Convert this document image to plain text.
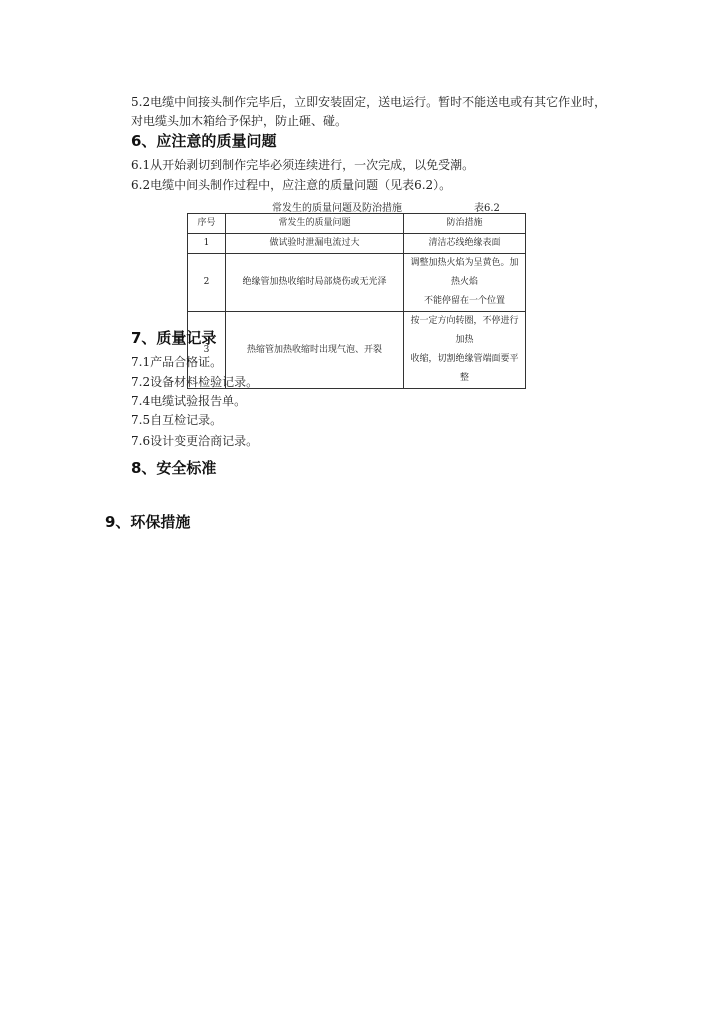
5.2电缆中间接头制作完毕后，立即安装固定，送电运行。暂时不能送电或有其它作业时，
对电缆头加木箱给予保护，防止砸、碰。
6、应注意的质量问题
6.1从开始剥切到制作完毕必须连续进行，一次完成，以免受潮。
6.2电缆中间头制作过程中，应注意的质量问题（见表6.2）。
常发生的质量问题及防治措施	表6.2
序号	常发生的质量问题	防治措施
1	做试验时泄漏电流过大	清洁芯线绝缘表面

2	绝缘管加热收缩时局部烧伤或无光泽	调整加热火焰为呈黄色。加热火焰
不能停留在一个位置

3	热缩管加热收缩时出现气泡、开裂	按一定方向转圈，不停进行加热
收缩，切割绝缘管端面要平整
7、质量记录
7.1产品合格证。
7.2设备材料检验记录。
7.4电缆试验报告单。
7.5自互检记录。
7.6设计变更洽商记录。
8、安全标准
9、环保措施
